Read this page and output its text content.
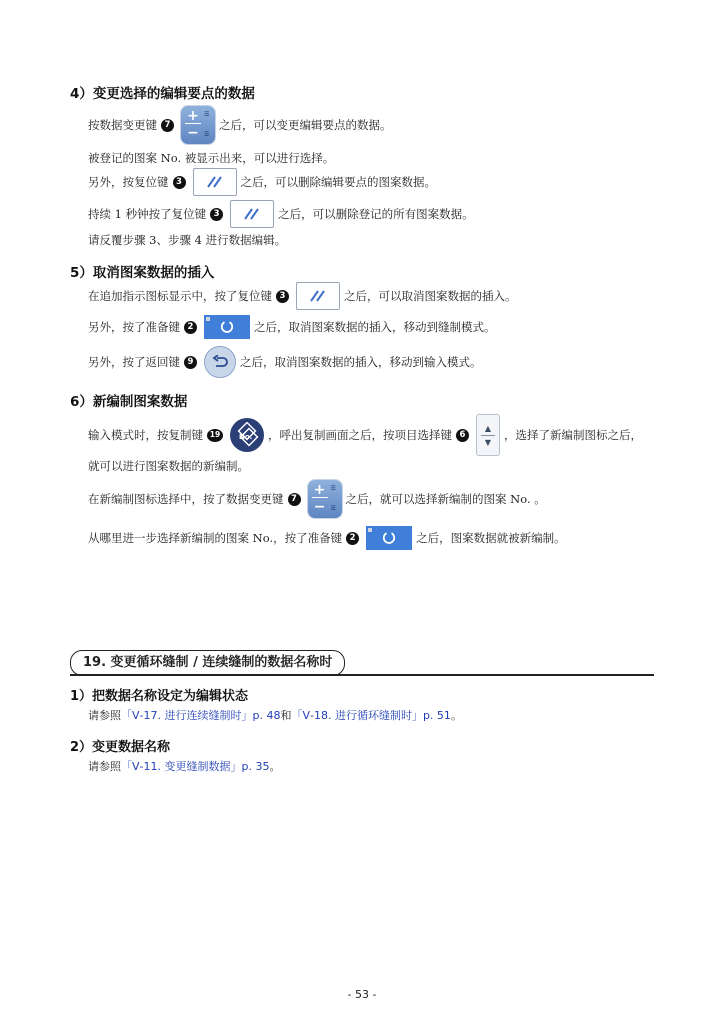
4）变更选择的编辑要点的数据
按数据变更键 7
+
−
☰
☰
之后，可以变更编辑要点的数据。
被登记的图案 No. 被显示出来，可以进行选择。
另外，按复位键 3	之后，可以删除编辑要点的图案数据。
持续 1 秒钟按了复位键 3	之后，可以删除登记的所有图案数据。
请反覆步骤 3、步骤 4 进行数据编辑。
5）取消图案数据的插入
在追加指示图标显示中，按了复位键 3	之后，可以取消图案数据的插入。
另外，按了准备键 2	之后，取消图案数据的插入，移动到缝制模式。
另外，按了返回键 9	之后，取消图案数据的插入，移动到输入模式。
6）新编制图案数据
输入模式时，按复制键 19	No. ，呼出复制画面之后，按项目选择键 6
▲
▼ ，选择了新编制图标之后，
就可以进行图案数据的新编制。
在新编制图标选择中，按了数据变更键 7
+
−
☰
☰
之后，就可以选择新编制的图案 No. 。
从哪里进一步选择新编制的图案 No.，按了准备键 2	之后，图案数据就被新编制。
19. 变更循环缝制 / 连续缝制的数据名称时
1）把数据名称设定为编辑状态
请参照 「Ⅴ-17. 进行连续缝制时」p. 48 和 「Ⅴ-18. 进行循环缝制时」p. 51 。
2）变更数据名称
请参照 「Ⅴ-11. 变更缝制数据」p. 35 。
- 53 -
